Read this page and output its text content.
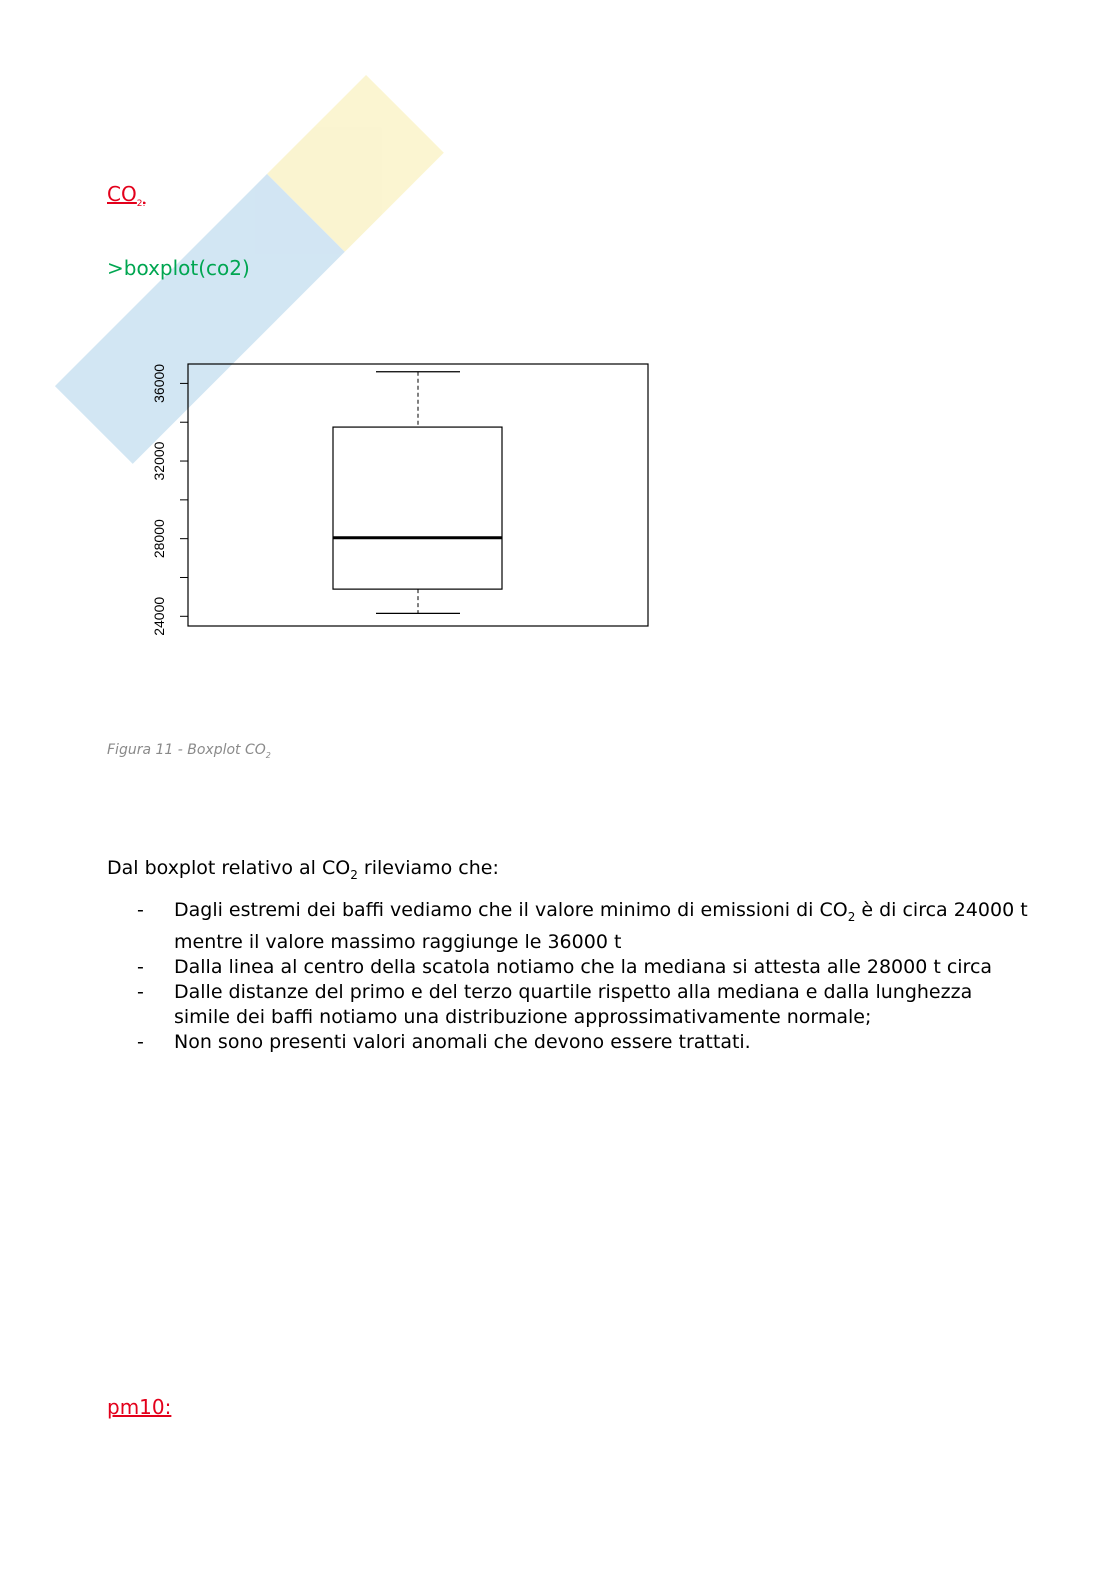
$CO_{2:}$
>boxplot(co2)
24000
28000
32000
36000
Figura 11 - Boxplot $CO_2$
Dal boxplot relativo al $CO_2$ rileviamo che:
- Dagli estremi dei baffi vediamo che il valore minimo di emissioni di $CO_2$ è di circa 24000 t mentre il valore massimo raggiunge le 36000 t
- Dalla linea al centro della scatola notiamo che la mediana si attesta alle 28000 t circa
- Dalle distanze del primo e del terzo quartile rispetto alla mediana e dalla lunghezza simile dei baffi notiamo una distribuzione approssimativamente normale;
- Non sono presenti valori anomali che devono essere trattati.
pm10:
